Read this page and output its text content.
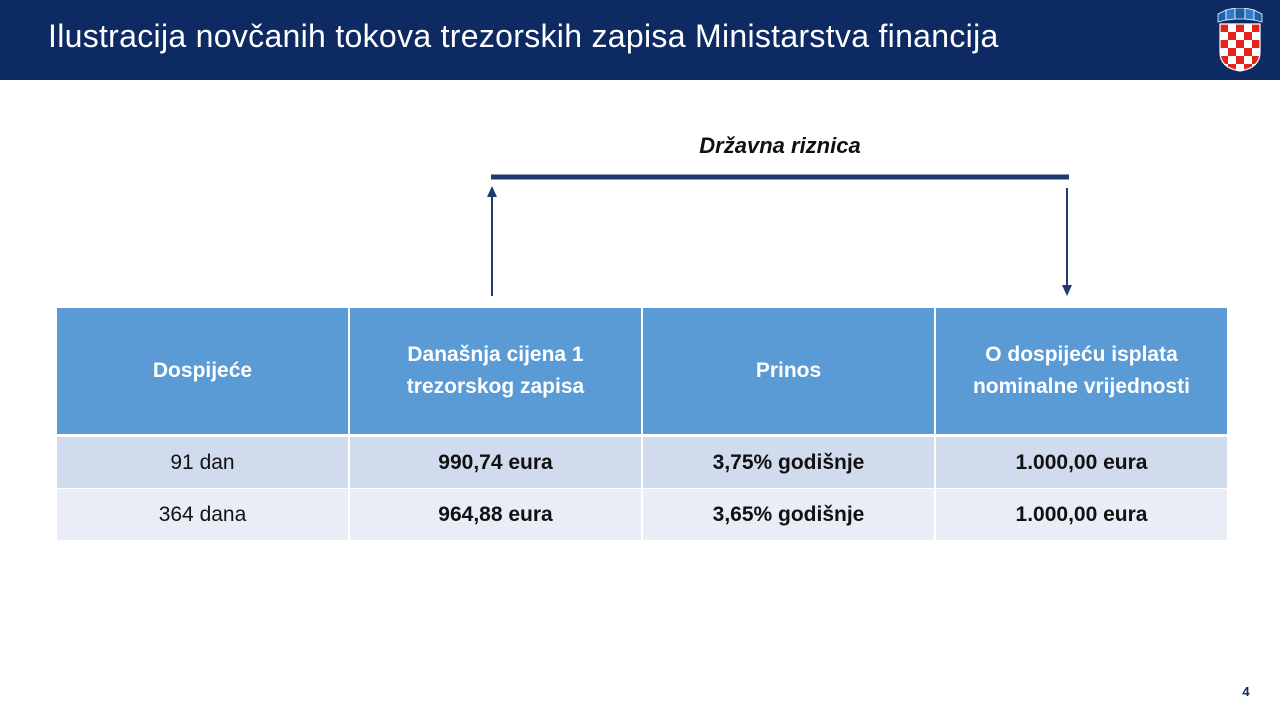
Ilustracija novčanih tokova trezorskih zapisa Ministarstva financija
Državna riznica
Dospijeće	Današnja cijena 1 trezorskog zapisa	Prinos	O dospijeću isplata nominalne vrijednosti
91 dan	990,74 eura	3,75% godišnje	1.000,00 eura
364 dana	964,88 eura	3,65% godišnje	1.000,00 eura
4
